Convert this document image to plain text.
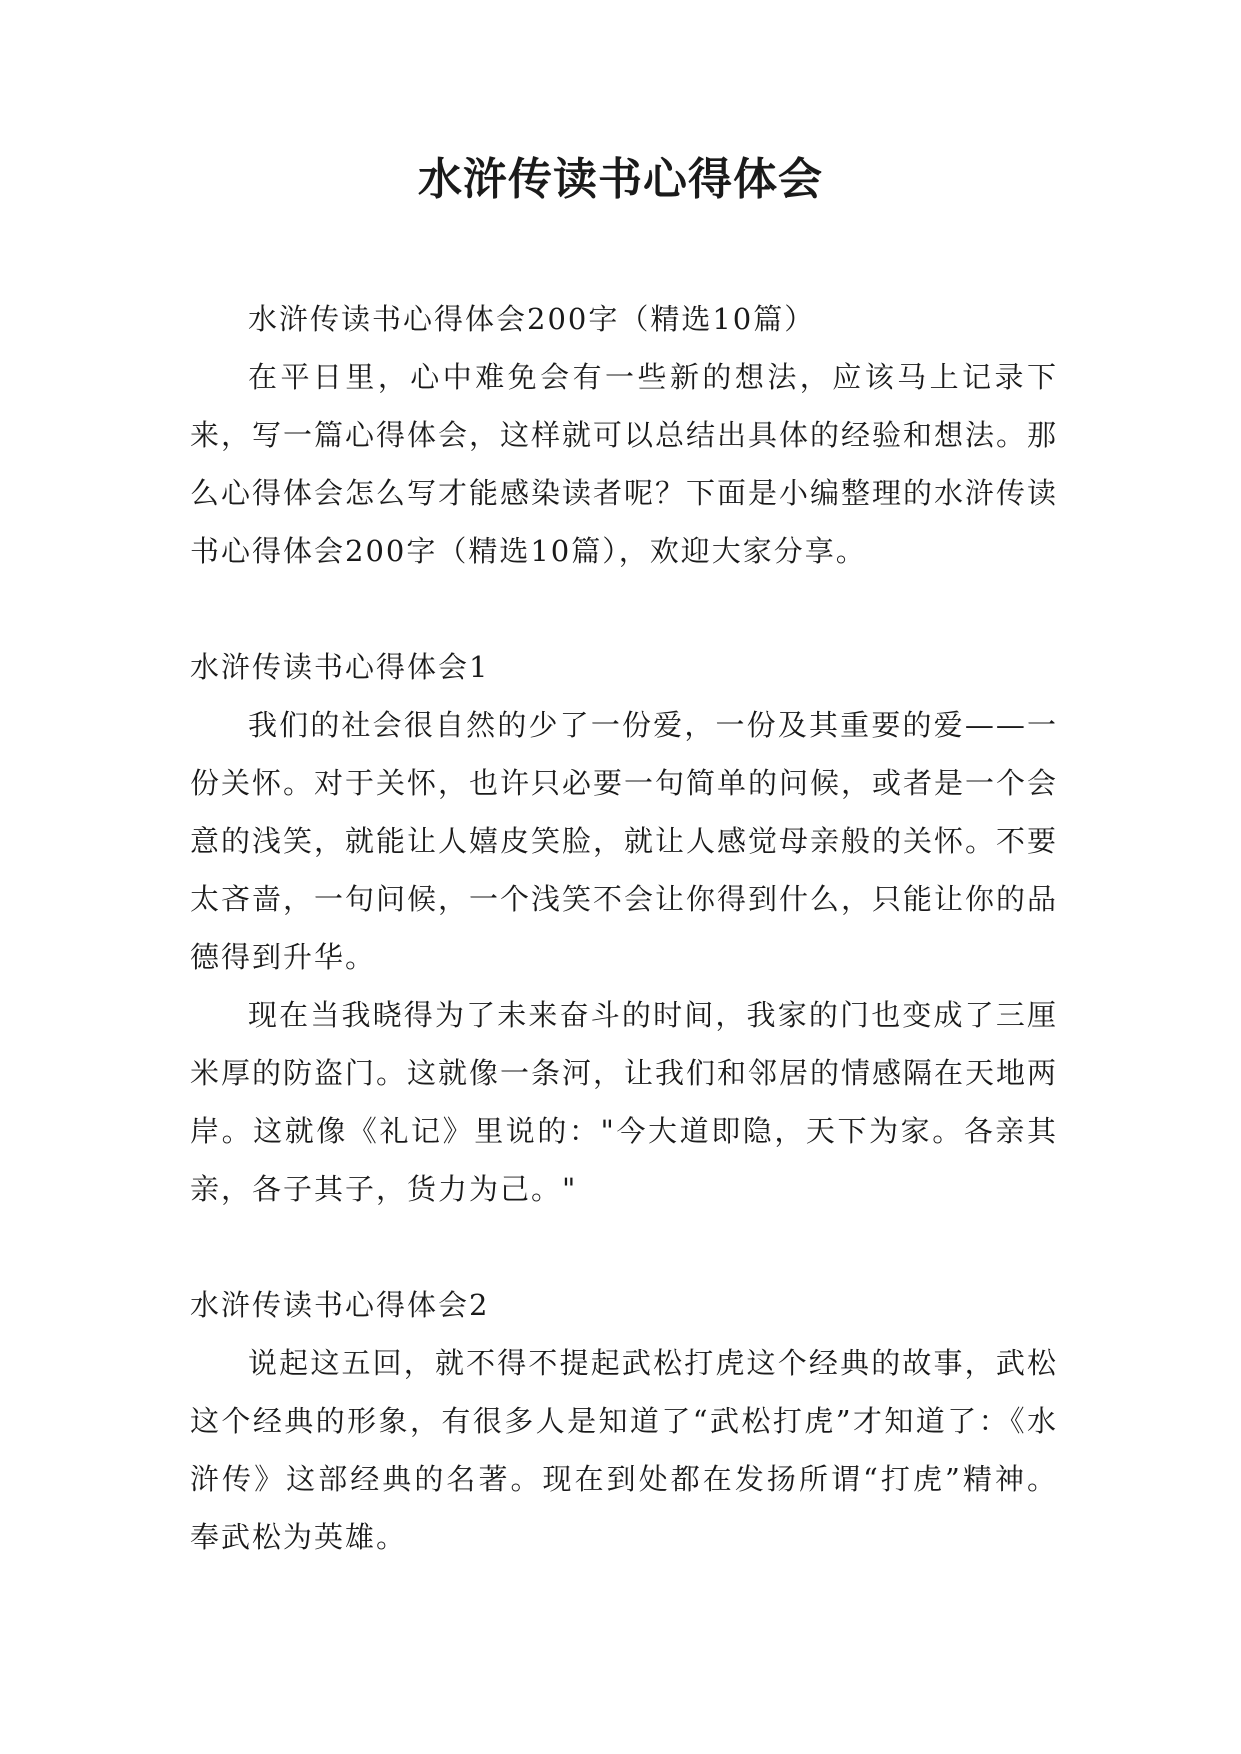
水浒传读书心得体会

水浒传读书心得体会200字（精选10篇）

在平日里，心中难免会有一些新的想法，应该马上记录下来，写一篇心得体会，这样就可以总结出具体的经验和想法。那么心得体会怎么写才能感染读者呢？下面是小编整理的水浒传读书心得体会200字（精选10篇），欢迎大家分享。

水浒传读书心得体会1

我们的社会很自然的少了一份爱，一份及其重要的爱——一份关怀。对于关怀，也许只必要一句简单的问候，或者是一个会意的浅笑，就能让人嬉皮笑脸，就让人感觉母亲般的关怀。不要太吝啬，一句问候，一个浅笑不会让你得到什么，只能让你的品德得到升华。

现在当我晓得为了未来奋斗的时间，我家的门也变成了三厘米厚的防盗门。这就像一条河，让我们和邻居的情感隔在天地两岸。这就像《礼记》里说的："今大道即隐，天下为家。各亲其亲，各子其子，货力为己。"

水浒传读书心得体会2

说起这五回，就不得不提起武松打虎这个经典的故事，武松这个经典的形象，有很多人是知道了“武松打虎”才知道了：《水浒传》这部经典的名著。现在到处都在发扬所谓“打虎”精神。奉武松为英雄。
